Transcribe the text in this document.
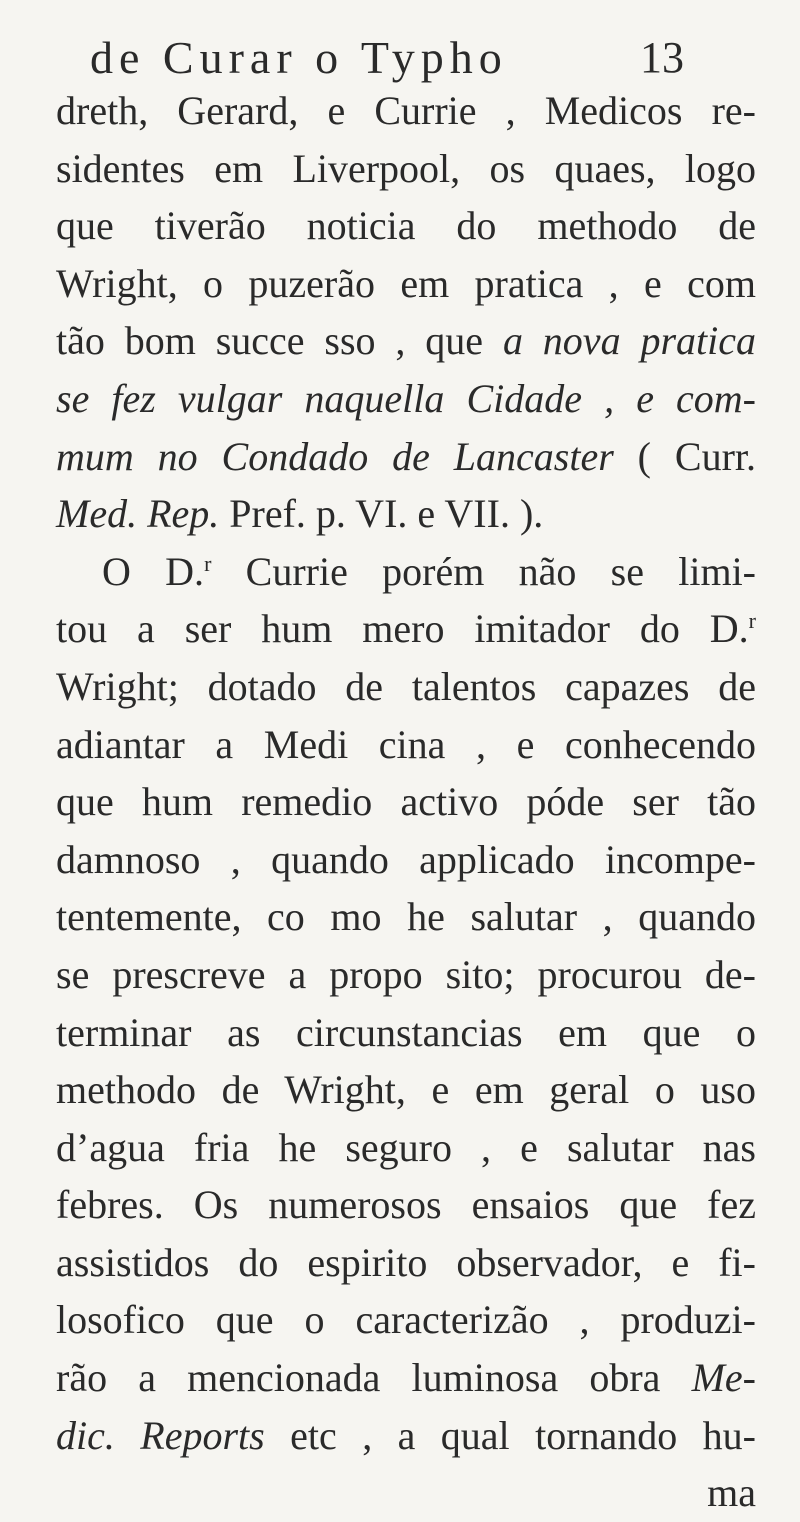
de Curar o Typho	13
dreth, Gerard, e Currie , Medicos re-
sidentes em Liverpool, os quaes, logo
que tiverão noticia do methodo de
Wright, o puzerão em pratica , e com
tão bom succe sso , que a nova pratica
se fez vulgar naquella Cidade , e com-
mum no Condado de Lancaster ( Curr.
Med. Rep. Pref. p. VI. e VII. ).
O D.$^r$ Currie porém não se limi-
tou a ser hum mero imitador do D.$^r$
Wright; dotado de talentos capazes de
adiantar a Medi cina , e conhecendo
que hum remedio activo póde ser tão
damnoso , quando applicado incompe-
tentemente, co mo he salutar , quando
se prescreve a propo sito; procurou de-
terminar as circunstancias em que o
methodo de Wright, e em geral o uso
d’agua fria he seguro , e salutar nas
febres. Os numerosos ensaios que fez
assistidos do espirito observador, e fi-
losofico que o caracterizão , produzi-
rão a mencionada luminosa obra Me-
dic. Reports etc , a qual tornando hu-
ma
